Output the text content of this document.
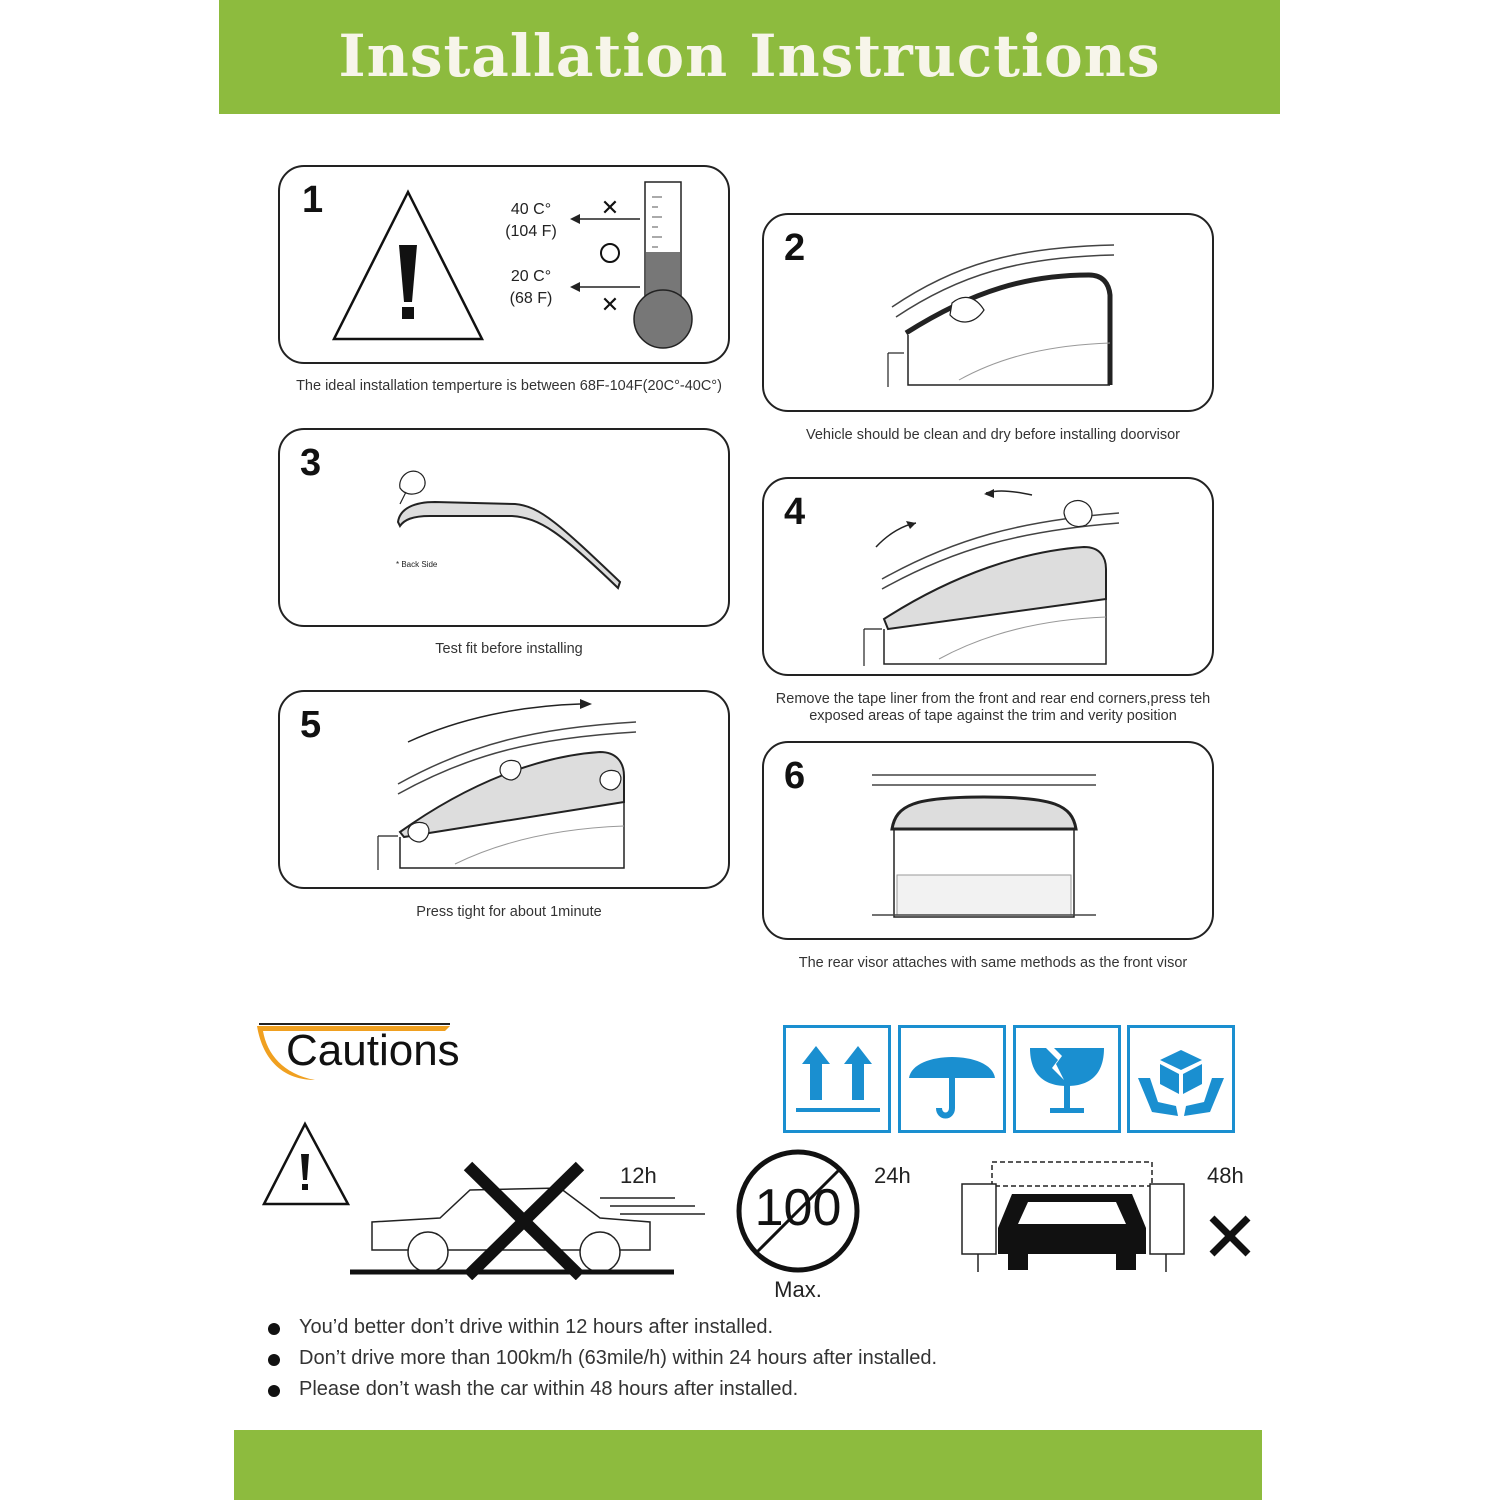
Installation Instructions
1	✕
✕
40 C°
(104 F)
20 C°
(68 F)
The ideal installation temperture is between 68F-104F(20C°-40C°)
2
Vehicle should be clean and dry before installing doorvisor
3
* Back Side
Test fit before installing
4
Remove the tape liner from the front and rear end corners,press teh
exposed areas of tape against the trim and verity position
5
Press tight for about 1minute
6
The rear visor attaches with same methods as the front visor
Cautions
12h
100
Max.
24h	48h
You’d better don’t drive within 12 hours after installed.
Don’t drive more than 100km/h (63mile/h) within 24 hours after installed.
Please don’t wash the car within 48 hours after installed.
